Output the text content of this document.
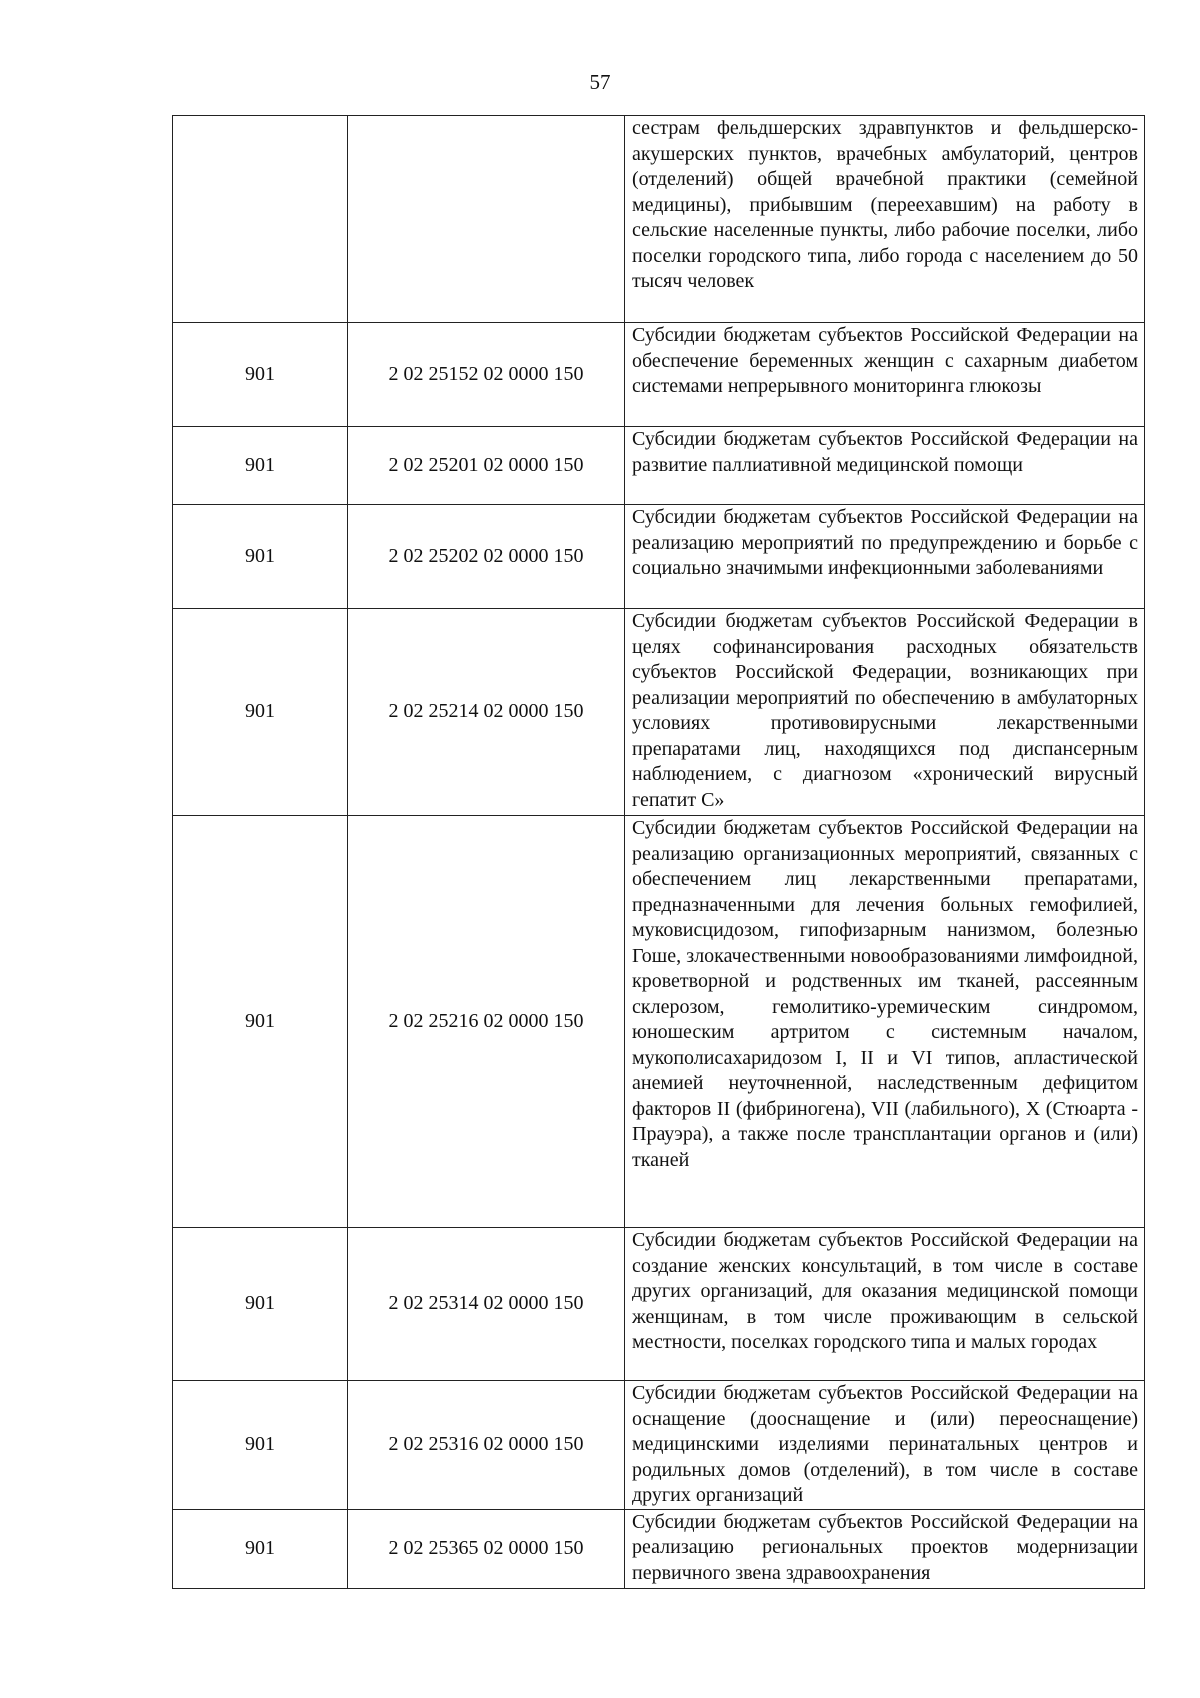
57

		сестрам фельдшерских здравпунктов и фельдшерско-акушерских пунктов, врачебных амбулаторий, центров (отделений) общей врачебной практики (семейной медицины), прибывшим (переехавшим) на работу в сельские населенные пункты, либо рабочие поселки, либо поселки городского типа, либо города с населением до 50 тысяч человек

901	2 02 25152 02 0000 150	Субсидии бюджетам субъектов Российской Федерации на обеспечение беременных женщин с сахарным диабетом системами непрерывного мониторинга глюкозы

901	2 02 25201 02 0000 150	Субсидии бюджетам субъектов Российской Федерации на развитие паллиативной медицинской помощи

901	2 02 25202 02 0000 150	Субсидии бюджетам субъектов Российской Федерации на реализацию мероприятий по предупреждению и борьбе с социально значимыми инфекционными заболеваниями

901	2 02 25214 02 0000 150	Субсидии бюджетам субъектов Российской Федерации в целях софинансирования расходных обязательств субъектов Российской Федерации, возникающих при реализации мероприятий по обеспечению в амбулаторных условиях противовирусными лекарственными препаратами лиц, находящихся под диспансерным наблюдением, с диагнозом «хронический вирусный гепатит С»

901	2 02 25216 02 0000 150	Субсидии бюджетам субъектов Российской Федерации на реализацию организационных мероприятий, связанных с обеспечением лиц лекарственными препаратами, предназначенными для лечения больных гемофилией, муковисцидозом, гипофизарным нанизмом, болезнью Гоше, злокачественными новообразованиями лимфоидной, кроветворной и родственных им тканей, рассеянным склерозом, гемолитико-уремическим синдромом, юношеским артритом с системным началом, мукополисахаридозом I, II и VI типов, апластической анемией неуточненной, наследственным дефицитом факторов II (фибриногена), VII (лабильного), X (Стюарта - Прауэра), а также после трансплантации органов и (или) тканей

901	2 02 25314 02 0000 150	Субсидии бюджетам субъектов Российской Федерации на создание женских консультаций, в том числе в составе других организаций, для оказания медицинской помощи женщинам, в том числе проживающим в сельской местности, поселках городского типа и малых городах

901	2 02 25316 02 0000 150	Субсидии бюджетам субъектов Российской Федерации на оснащение (дооснащение и (или) переоснащение) медицинскими изделиями перинатальных центров и родильных домов (отделений), в том числе в составе других организаций

901	2 02 25365 02 0000 150	Субсидии бюджетам субъектов Российской Федерации на реализацию региональных проектов модернизации первичного звена здравоохранения
